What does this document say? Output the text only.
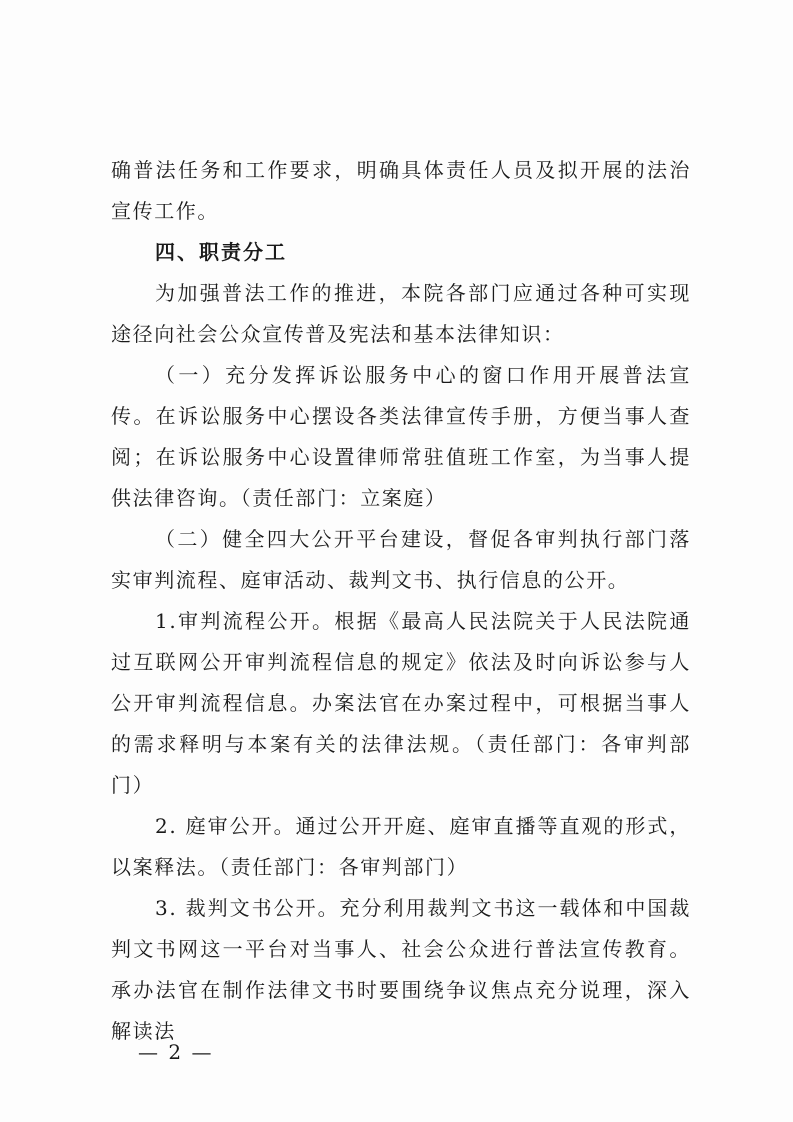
确普法任务和工作要求，明确具体责任人员及拟开展的法治宣传工作。

四、职责分工

为加强普法工作的推进，本院各部门应通过各种可实现途径向社会公众宣传普及宪法和基本法律知识：

（一）充分发挥诉讼服务中心的窗口作用开展普法宣传。在诉讼服务中心摆设各类法律宣传手册，方便当事人查阅；在诉讼服务中心设置律师常驻值班工作室，为当事人提供法律咨询。（责任部门：立案庭）

（二）健全四大公开平台建设，督促各审判执行部门落实审判流程、庭审活动、裁判文书、执行信息的公开。

1.审判流程公开。根据《最高人民法院关于人民法院通过互联网公开审判流程信息的规定》依法及时向诉讼参与人公开审判流程信息。办案法官在办案过程中，可根据当事人的需求释明与本案有关的法律法规。（责任部门：各审判部门）

2. 庭审公开。通过公开开庭、庭审直播等直观的形式，以案释法。（责任部门：各审判部门）

3. 裁判文书公开。充分利用裁判文书这一载体和中国裁判文书网这一平台对当事人、社会公众进行普法宣传教育。承办法官在制作法律文书时要围绕争议焦点充分说理，深入解读法

— 2 —
